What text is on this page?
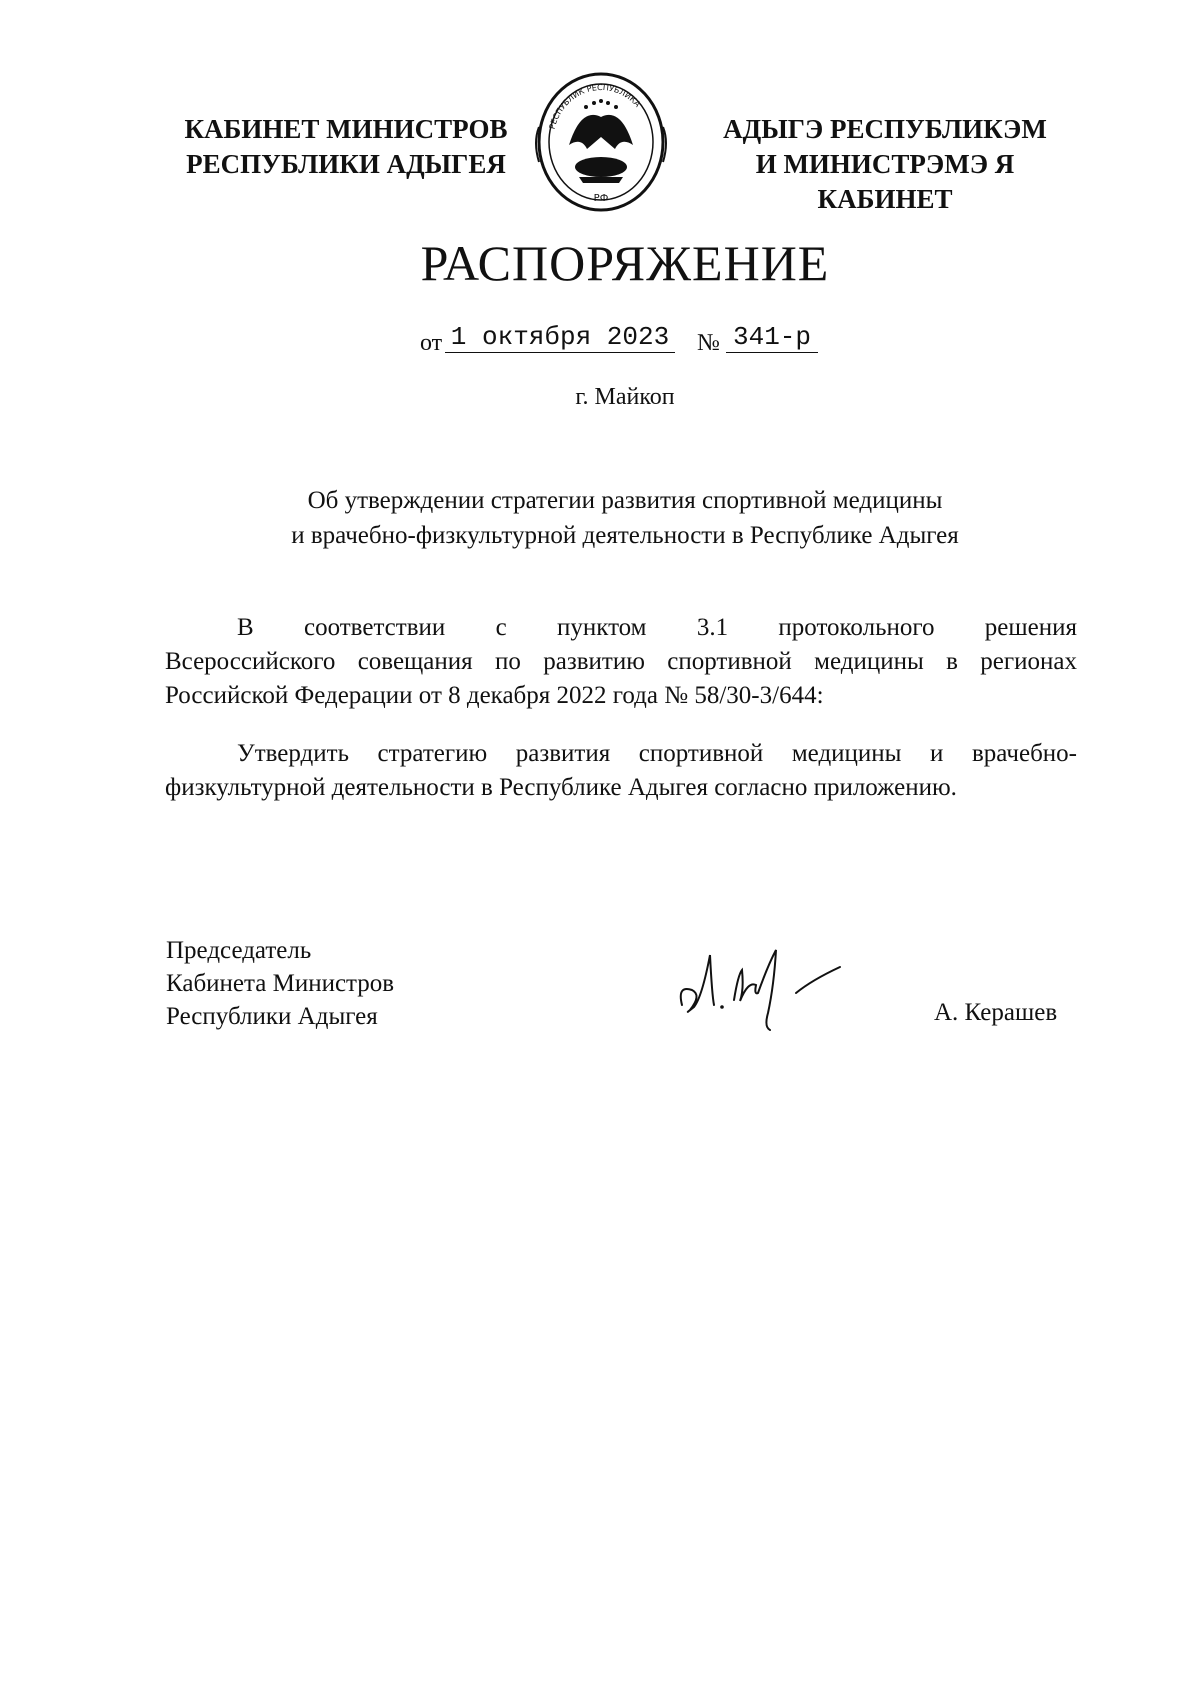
КАБИНЕТ МИНИСТРОВ
РЕСПУБЛИКИ АДЫГЕЯ
РЕСПУБЛИК РЕСПУБЛИКА
РФ
АДЫГЭ РЕСПУБЛИКЭМ
И МИНИСТРЭМЭ Я КАБИНЕТ
РАСПОРЯЖЕНИЕ
от 1 октября 2023 № 341-р
г. Майкоп
Об утверждении стратегии развития спортивной медицины
и врачебно-физкультурной деятельности в Республике Адыгея
В соответствии с пунктом 3.1 протокольного решения
Всероссийского совещания по развитию спортивной медицины в регионах Российской Федерации от 8 декабря 2022 года № 58/30-3/644:
Утвердить стратегию развития спортивной медицины и врачебно-физкультурной деятельности в Республике Адыгея согласно приложению.
Председатель
Кабинета Министров
Республики Адыгея	А. Керашев
